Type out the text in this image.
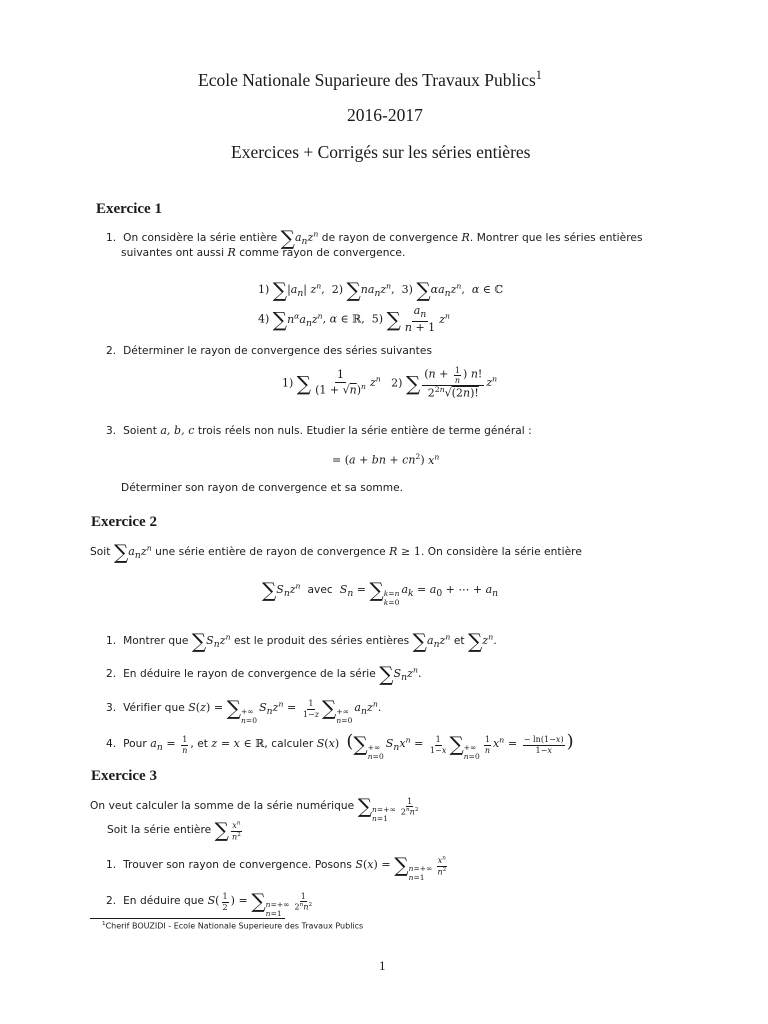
Ecole Nationale Suparieure des Travaux Publics$^1$
2016-2017
Exercices + Corrigés sur les séries entières
Exercice 1
1. On considère la série entière $\sum a_nz^n$ de rayon de convergence R. Montrer que les séries entières
suivantes ont aussi R comme rayon de convergence.
1) $\sum|a_n|$ $z^n$,  2) $\sum na_nz^n$,  3) $\sum\alpha a_nz^n$,  α ∈ ℂ
4) $\sum n^\alpha a_nz^n$, α ∈ ℝ,  5) ∑ $\frac{a_n}{n + 1} z^n$
2. Déterminer le rayon de convergence des séries suivantes
1) ∑ $\frac{1}{(1 + √n)^n} z^n$   2) ∑ $\frac{(n + \frac{1}{n} ) n!}{2^{2n}√(2n)!} z^n$
3. Soient a, b, c trois réels non nuls. Etudier la série entière de terme général :
= (a + bn + $cn^2$) $x^n$
Déterminer son rayon de convergence et sa somme.
Exercice 2
Soit $\sum a_nz^n$ une série entière de rayon de convergence R ≥ 1. On considère la série entière
$\sum S_nz^n$ avec $S_n$ = ∑ k=n
k=0
$a_k = a_0$ + ⋯ + $a_n$
1. Montrer que $\sum S_nz^n$ est le produit des séries entières $\sum a_nz^n$ et $\sum z^n$.
2. En déduire le rayon de convergence de la série $\sum S_nz^n$.
3. Vérifier que S(z) = ∑ +∞
n=0
$S_nz^n = \frac{1}{1-z}$ ∑ +∞
n=0
$a_nz^n$.
4. Pour $a_n = \frac{1}{n}$ , et z = x ∈ ℝ, calculer S(x)  (∑ +∞
n=0
$S_nx^n = \frac{1}{1-x}$ ∑ +∞
n=0
$\frac{1}{n} x^n = \frac{- \ln(1-x)}{1-x}$ )
Exercice 3
On veut calculer la somme de la série numérique ∑ n=+∞
n=1
$\frac{1}{2^nn^2}$
Soit la série entière ∑ $\frac{x^n}{n^2}$
1. Trouver son rayon de convergence. Posons S(x) = ∑ n=+∞
n=1
$\frac{x^n}{n^2}$
2. En déduire que $S( \frac{1}{2}$ ) = ∑ n=+∞
n=1
$\frac{1}{2^nn^2}$
$^1$Cherif BOUZIDI - Ecole Nationale Superieure des Travaux Publics
1
